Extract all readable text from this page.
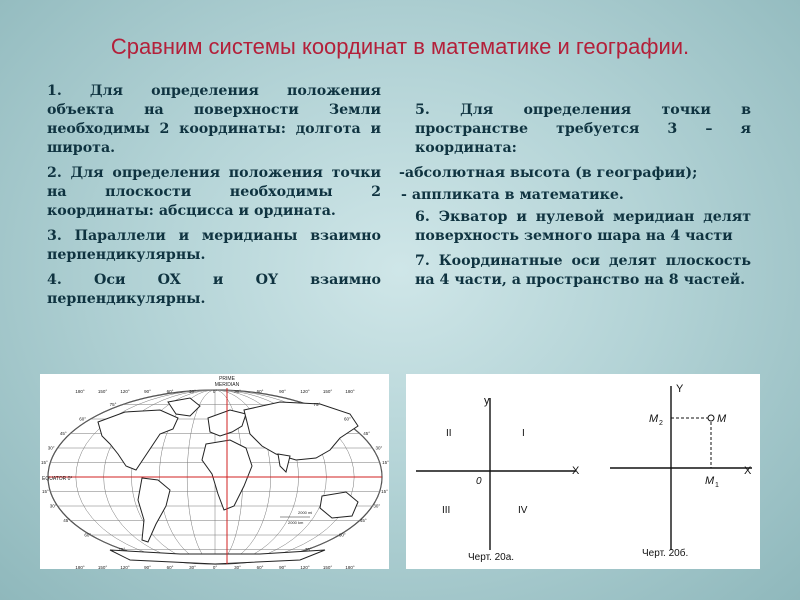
Сравним системы координат в математике и географии.

1. Для определения положения объекта на поверхности Земли необходимы 2 координаты: долгота и широта.

2. Для определения положения точки на плоскости необходимы 2 координаты: абсцисса и ордината.

3. Параллели и меридианы взаимно перпендикулярны.

4. Оси OX и OY взаимно перпендикулярны.

5. Для определения точки в пространстве требуется 3 – я координата:

-абсолютная высота (в географии);

- аппликата в математике.

6. Экватор и нулевой меридиан делят поверхность земного шара на 4 части

7. Координатные оси делят плоскость на 4 части, а пространство на 8 частей.

PRIME
MERIDIAN
EQUATOR 0°
2000 mi
2000 km
180°	150°	120°	90°	60°	30°	0°	30°	60°	90°	120°	150°	180°
180°	150°	120°	90°	60°	30°	0°	30°	60°	90°	120°	150°	180°
75°
60°
45°
30°
15°
15°
30°
45°
60°
75°
75°
60°
45°
30°
15°
15°
30°
45°
60°
75°
y
X
0
II	I
III	IV
Черт. 20а.
Y
X
M
M 2
M 1
Черт. 20б.
